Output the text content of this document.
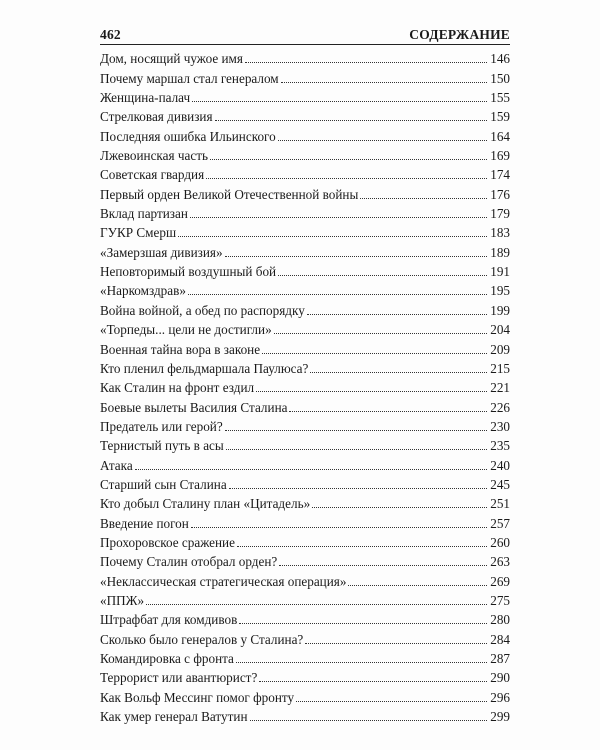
462	СОДЕРЖАНИЕ
Дом, носящий чужое имя	146
Почему маршал стал генералом	150
Женщина-палач	155
Стрелковая дивизия	159
Последняя ошибка Ильинского	164
Лжевоинская часть	169
Советская гвардия	174
Первый орден Великой Отечественной войны	176
Вклад партизан	179
ГУКР Смерш	183
«Замерзшая дивизия»	189
Неповторимый воздушный бой	191
«Наркомздрав»	195
Война войной, а обед по распорядку	199
«Торпеды... цели не достигли»	204
Военная тайна вора в законе	209
Кто пленил фельдмаршала Паулюса?	215
Как Сталин на фронт ездил	221
Боевые вылеты Василия Сталина	226
Предатель или герой?	230
Тернистый путь в асы	235
Атака	240
Старший сын Сталина	245
Кто добыл Сталину план «Цитадель»	251
Введение погон	257
Прохоровское сражение	260
Почему Сталин отобрал орден?	263
«Неклассическая стратегическая операция»	269
«ППЖ»	275
Штрафбат для комдивов	280
Сколько было генералов у Сталина?	284
Командировка с фронта	287
Террорист или авантюрист?	290
Как Вольф Мессинг помог фронту	296
Как умер генерал Ватутин	299
